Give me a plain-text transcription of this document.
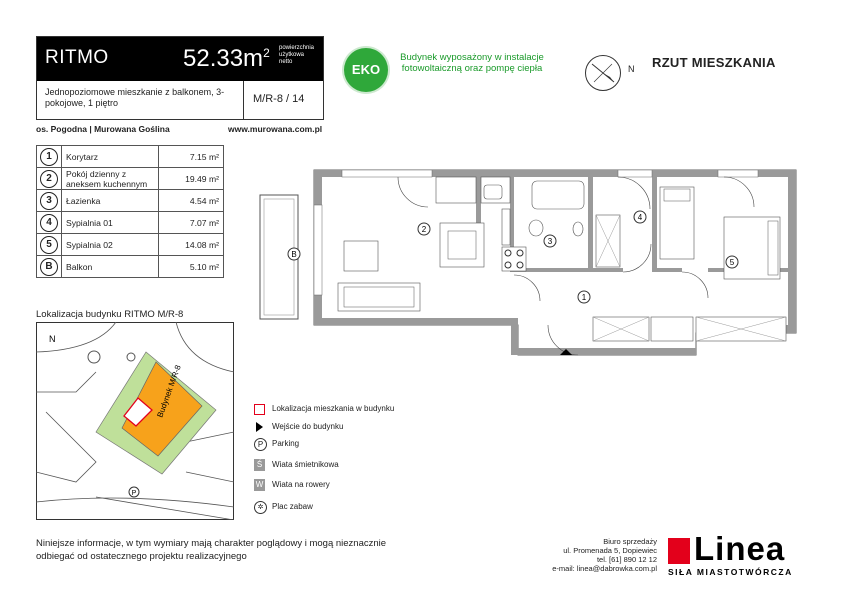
RITMO	$52.33m^2$ powierzchnia użytkowa netto
Jednopoziomowe mieszkanie z balkonem, 3-pokojowe, 1 piętro	M/R-8 / 14
os. Pogodna | Murowana Goślina	www.murowana.com.pl
EKO
Budynek wyposażony w instalacje fotowoltaiczną oraz pompę ciepła	N RZUT MIESZKANIA
1	Korytarz	7.15 m²
2	Pokój dzienny z aneksem kuchennym	19.49 m²
3	Łazienka	4.54 m²
4	Sypialnia 01	7.07 m²
5	Sypialnia 02	14.08 m²
B	Balkon	5.10 m²
B
2
3
4
5
1
Lokalizacja budynku RITMO M/R-8
N
Budynek M/R-8
P
Lokalizacja mieszkania w budynku
Wejście do budynku
P	Parking
Ś	Wiata śmietnikowa
W Wiata na rowery
✲	Plac zabaw
Niniejsze informacje, w tym wymiary mają charakter poglądowy i mogą nieznacznie
odbiegać od ostatecznego projektu realizacyjnego
Biuro sprzedaży
ul. Promenada 5, Dopiewiec
tel. [61] 890 12 12
e-mail: linea@dabrowka.com.pl
Linea
SIŁA MIASTOTWÓRCZA
